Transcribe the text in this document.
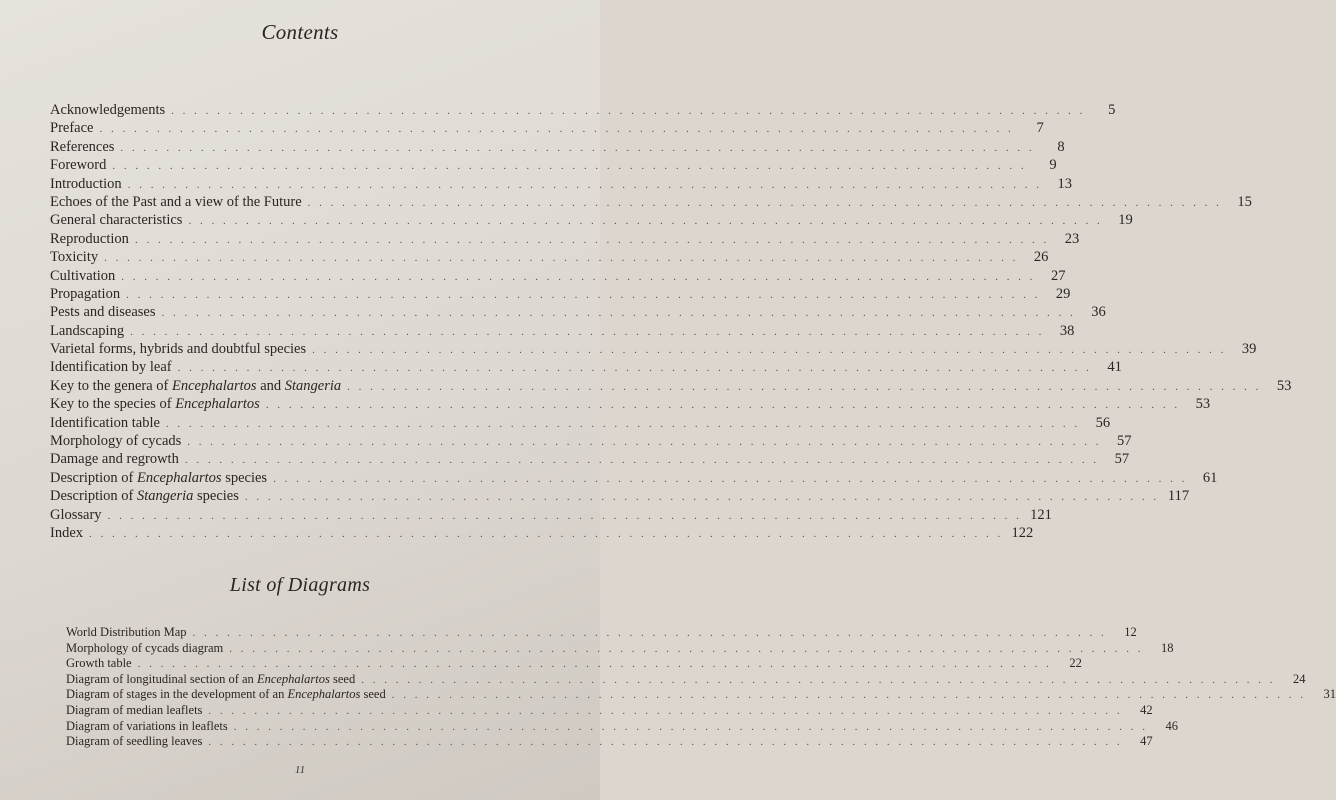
Contents
Acknowledgements . . . . . . . . . . . . . . . . . . . . . . . . . . . . . . . . . . . . . . . . . . . . . . . . . . . . . . . . . . . . . . . . . . . . . . . . . . . . . . . .	5
Preface . . . . . . . . . . . . . . . . . . . . . . . . . . . . . . . . . . . . . . . . . . . . . . . . . . . . . . . . . . . . . . . . . . . . . . . . . . . . . . . .	7
References . . . . . . . . . . . . . . . . . . . . . . . . . . . . . . . . . . . . . . . . . . . . . . . . . . . . . . . . . . . . . . . . . . . . . . . . . . . . . . . .	8
Foreword . . . . . . . . . . . . . . . . . . . . . . . . . . . . . . . . . . . . . . . . . . . . . . . . . . . . . . . . . . . . . . . . . . . . . . . . . . . . . . . .	9
Introduction . . . . . . . . . . . . . . . . . . . . . . . . . . . . . . . . . . . . . . . . . . . . . . . . . . . . . . . . . . . . . . . . . . . . . . . . . . . . . . . .	13
Echoes of the Past and a view of the Future . . . . . . . . . . . . . . . . . . . . . . . . . . . . . . . . . . . . . . . . . . . . . . . . . . . . . . . . . . . . . . . . . . . . . . . . . . . . . . . .	15
General characteristics . . . . . . . . . . . . . . . . . . . . . . . . . . . . . . . . . . . . . . . . . . . . . . . . . . . . . . . . . . . . . . . . . . . . . . . . . . . . . . . .	19
Reproduction . . . . . . . . . . . . . . . . . . . . . . . . . . . . . . . . . . . . . . . . . . . . . . . . . . . . . . . . . . . . . . . . . . . . . . . . . . . . . . . .	23
Toxicity . . . . . . . . . . . . . . . . . . . . . . . . . . . . . . . . . . . . . . . . . . . . . . . . . . . . . . . . . . . . . . . . . . . . . . . . . . . . . . . .	26
Cultivation . . . . . . . . . . . . . . . . . . . . . . . . . . . . . . . . . . . . . . . . . . . . . . . . . . . . . . . . . . . . . . . . . . . . . . . . . . . . . . . .	27
Propagation . . . . . . . . . . . . . . . . . . . . . . . . . . . . . . . . . . . . . . . . . . . . . . . . . . . . . . . . . . . . . . . . . . . . . . . . . . . . . . . .	29
Pests and diseases . . . . . . . . . . . . . . . . . . . . . . . . . . . . . . . . . . . . . . . . . . . . . . . . . . . . . . . . . . . . . . . . . . . . . . . . . . . . . . . .	36
Landscaping . . . . . . . . . . . . . . . . . . . . . . . . . . . . . . . . . . . . . . . . . . . . . . . . . . . . . . . . . . . . . . . . . . . . . . . . . . . . . . . .	38
Varietal forms, hybrids and doubtful species . . . . . . . . . . . . . . . . . . . . . . . . . . . . . . . . . . . . . . . . . . . . . . . . . . . . . . . . . . . . . . . . . . . . . . . . . . . . . . . .	39
Identification by leaf . . . . . . . . . . . . . . . . . . . . . . . . . . . . . . . . . . . . . . . . . . . . . . . . . . . . . . . . . . . . . . . . . . . . . . . . . . . . . . . .	41
Key to the genera of Encephalartos and Stangeria . . . . . . . . . . . . . . . . . . . . . . . . . . . . . . . . . . . . . . . . . . . . . . . . . . . . . . . . . . . . . . . . . . . . . . . . . . . . . . . .	53
Key to the species of Encephalartos . . . . . . . . . . . . . . . . . . . . . . . . . . . . . . . . . . . . . . . . . . . . . . . . . . . . . . . . . . . . . . . . . . . . . . . . . . . . . . . .	53
Identification table . . . . . . . . . . . . . . . . . . . . . . . . . . . . . . . . . . . . . . . . . . . . . . . . . . . . . . . . . . . . . . . . . . . . . . . . . . . . . . . .	56
Morphology of cycads . . . . . . . . . . . . . . . . . . . . . . . . . . . . . . . . . . . . . . . . . . . . . . . . . . . . . . . . . . . . . . . . . . . . . . . . . . . . . . . .	57
Damage and regrowth . . . . . . . . . . . . . . . . . . . . . . . . . . . . . . . . . . . . . . . . . . . . . . . . . . . . . . . . . . . . . . . . . . . . . . . . . . . . . . . .	57
Description of Encephalartos species . . . . . . . . . . . . . . . . . . . . . . . . . . . . . . . . . . . . . . . . . . . . . . . . . . . . . . . . . . . . . . . . . . . . . . . . . . . . . . . .	61
Description of Stangeria species . . . . . . . . . . . . . . . . . . . . . . . . . . . . . . . . . . . . . . . . . . . . . . . . . . . . . . . . . . . . . . . . . . . . . . . . . . . . . . . . 117
Glossary . . . . . . . . . . . . . . . . . . . . . . . . . . . . . . . . . . . . . . . . . . . . . . . . . . . . . . . . . . . . . . . . . . . . . . . . . . . . . . . . 121
Index . . . . . . . . . . . . . . . . . . . . . . . . . . . . . . . . . . . . . . . . . . . . . . . . . . . . . . . . . . . . . . . . . . . . . . . . . . . . . . . . 122
List of Diagrams
World Distribution Map . . . . . . . . . . . . . . . . . . . . . . . . . . . . . . . . . . . . . . . . . . . . . . . . . . . . . . . . . . . . . . . . . . . . . . . . . . . . . . . .	12
Morphology of cycads diagram . . . . . . . . . . . . . . . . . . . . . . . . . . . . . . . . . . . . . . . . . . . . . . . . . . . . . . . . . . . . . . . . . . . . . . . . . . . . . . . .	18
Growth table . . . . . . . . . . . . . . . . . . . . . . . . . . . . . . . . . . . . . . . . . . . . . . . . . . . . . . . . . . . . . . . . . . . . . . . . . . . . . . . .	22
Diagram of longitudinal section of an Encephalartos seed . . . . . . . . . . . . . . . . . . . . . . . . . . . . . . . . . . . . . . . . . . . . . . . . . . . . . . . . . . . . . . . . . . . . . . . . . . . . . . . .	24
Diagram of stages in the development of an Encephalartos seed . . . . . . . . . . . . . . . . . . . . . . . . . . . . . . . . . . . . . . . . . . . . . . . . . . . . . . . . . . . . . . . . . . . . . . . . . . . . . . . .	31
Diagram of median leaflets . . . . . . . . . . . . . . . . . . . . . . . . . . . . . . . . . . . . . . . . . . . . . . . . . . . . . . . . . . . . . . . . . . . . . . . . . . . . . . . .	42
Diagram of variations in leaflets . . . . . . . . . . . . . . . . . . . . . . . . . . . . . . . . . . . . . . . . . . . . . . . . . . . . . . . . . . . . . . . . . . . . . . . . . . . . . . . .	46
Diagram of seedling leaves . . . . . . . . . . . . . . . . . . . . . . . . . . . . . . . . . . . . . . . . . . . . . . . . . . . . . . . . . . . . . . . . . . . . . . . . . . . . . . . .	47
11
